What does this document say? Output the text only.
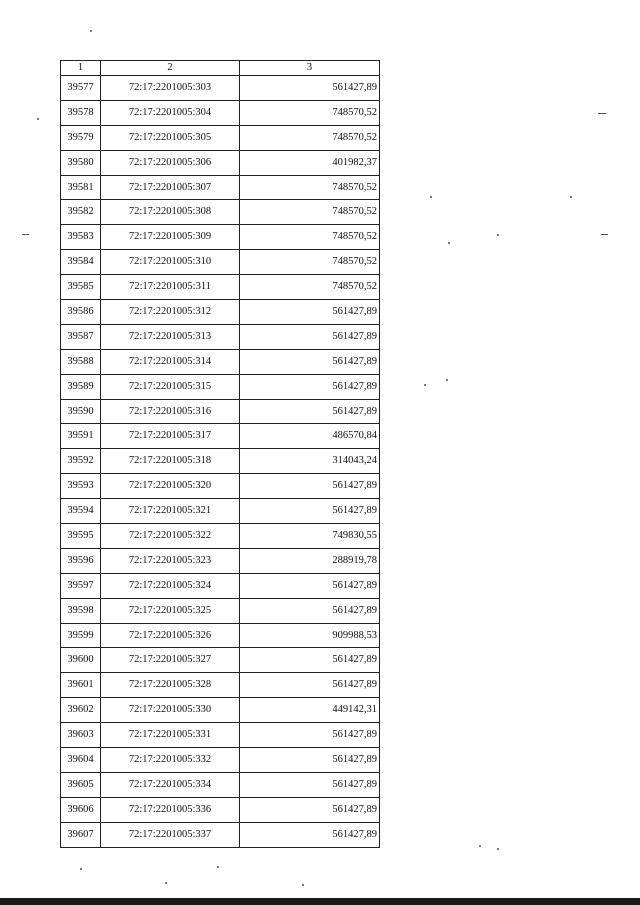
1	2	3
39577	72:17:2201005:303	561427,89
39578	72:17:2201005:304	748570,52
39579	72:17:2201005:305	748570,52
39580	72:17:2201005:306	401982,37
39581	72:17:2201005:307	748570,52
39582	72:17:2201005:308	748570,52
39583	72:17:2201005:309	748570,52
39584	72:17:2201005:310	748570,52
39585	72:17:2201005:311	748570,52
39586	72:17:2201005:312	561427,89
39587	72:17:2201005:313	561427,89
39588	72:17:2201005:314	561427,89
39589	72:17:2201005:315	561427,89
39590	72:17:2201005:316	561427,89
39591	72:17:2201005:317	486570,84
39592	72:17:2201005:318	314043,24
39593	72:17:2201005:320	561427,89
39594	72:17:2201005:321	561427,89
39595	72:17:2201005:322	749830,55
39596	72:17:2201005:323	288919,78
39597	72:17:2201005:324	561427,89
39598	72:17:2201005:325	561427,89
39599	72:17:2201005:326	909988,53
39600	72:17:2201005:327	561427,89
39601	72:17:2201005:328	561427,89
39602	72:17:2201005:330	449142,31
39603	72:17:2201005:331	561427,89
39604	72:17:2201005:332	561427,89
39605	72:17:2201005:334	561427,89
39606	72:17:2201005:336	561427,89
39607	72:17:2201005:337	561427,89
